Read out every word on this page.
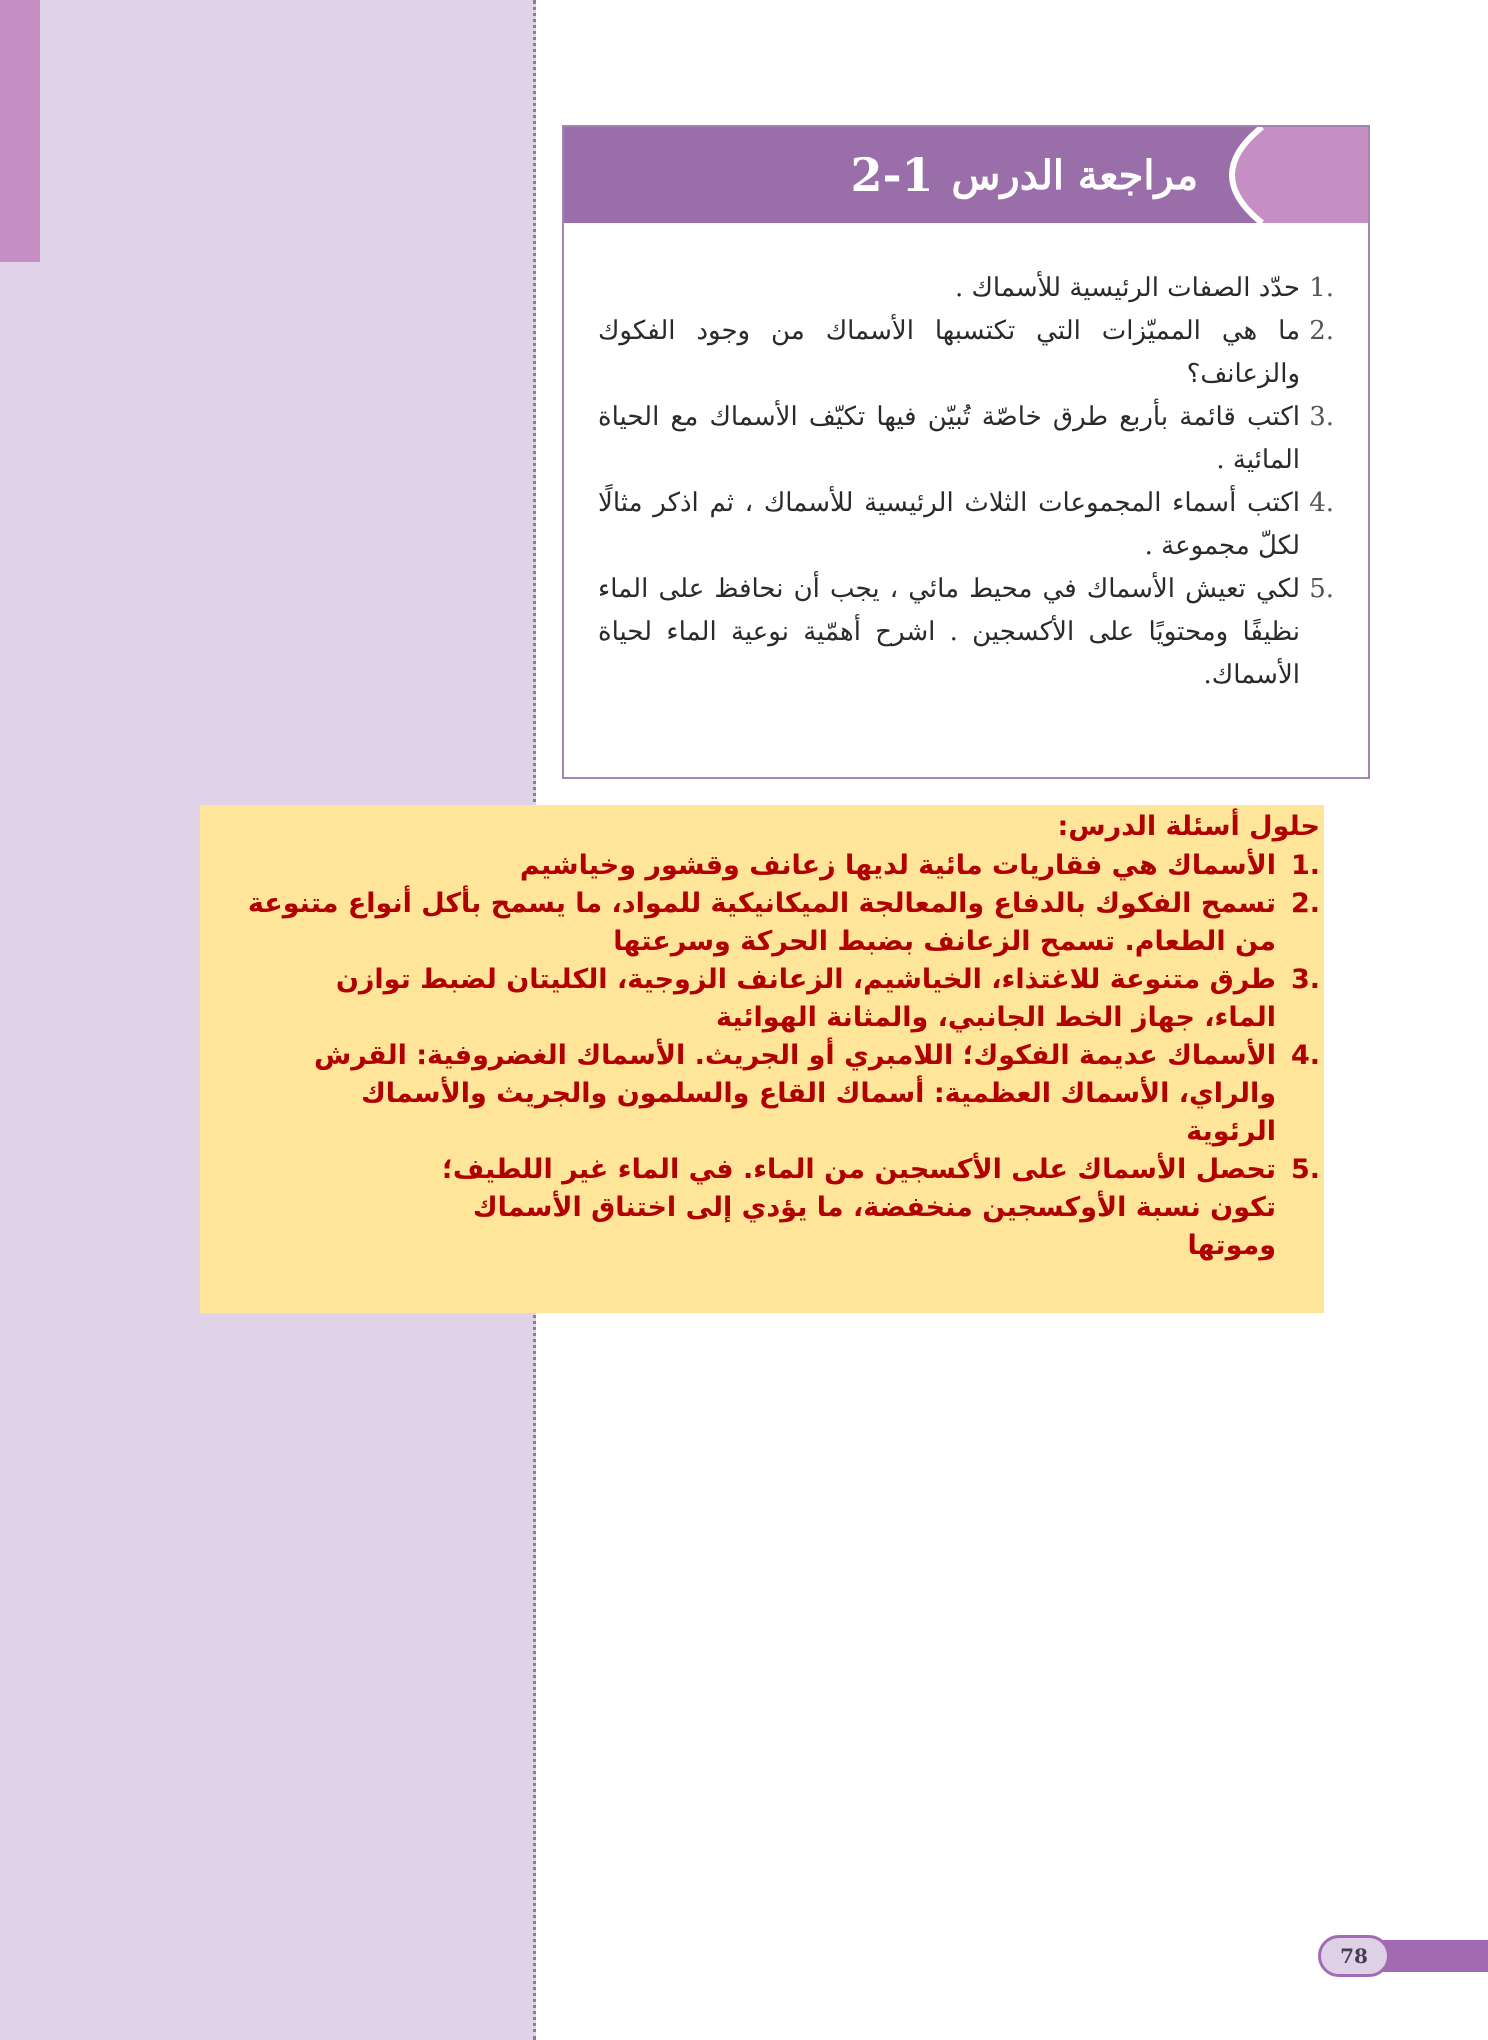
مراجعة الدرس
2-1
1.
حدّد الصفات الرئيسية للأسماك .
2.
ما هي المميّزات التي تكتسبها الأسماك من وجود الفكوك والزعانف؟
3.
اكتب قائمة بأربع طرق خاصّة تُبيّن فيها تكيّف الأسماك مع الحياة المائية .
4.
اكتب أسماء المجموعات الثلاث الرئيسية للأسماك ، ثم اذكر مثالًا لكلّ مجموعة .
5.
لكي تعيش الأسماك في محيط مائي ، يجب أن نحافظ على الماء نظيفًا ومحتويًا على الأكسجين . اشرح أهمّية نوعية الماء لحياة الأسماك.
حلول أسئلة الدرس:
1.
الأسماك هي فقاريات مائية لديها زعانف وقشور وخياشيم
2.
تسمح الفكوك بالدفاع والمعالجة الميكانيكية للمواد، ما يسمح بأكل أنواع متنوعة من الطعام. تسمح الزعانف بضبط الحركة وسرعتها
3.
طرق متنوعة للاغتذاء، الخياشيم، الزعانف الزوجية، الكليتان لضبط توازن الماء، جهاز الخط الجانبي، والمثانة الهوائية
4.
الأسماك عديمة الفكوك؛ اللامبري أو الجريث. الأسماك الغضروفية: القرش والراي، الأسماك العظمية: أسماك القاع والسلمون والجريث والأسماك الرئوية
5.
تحصل الأسماك على الأكسجين من الماء. في الماء غير اللطيف؛ تكون نسبة الأوكسجين منخفضة، ما يؤدي إلى اختناق الأسماك وموتها
78
